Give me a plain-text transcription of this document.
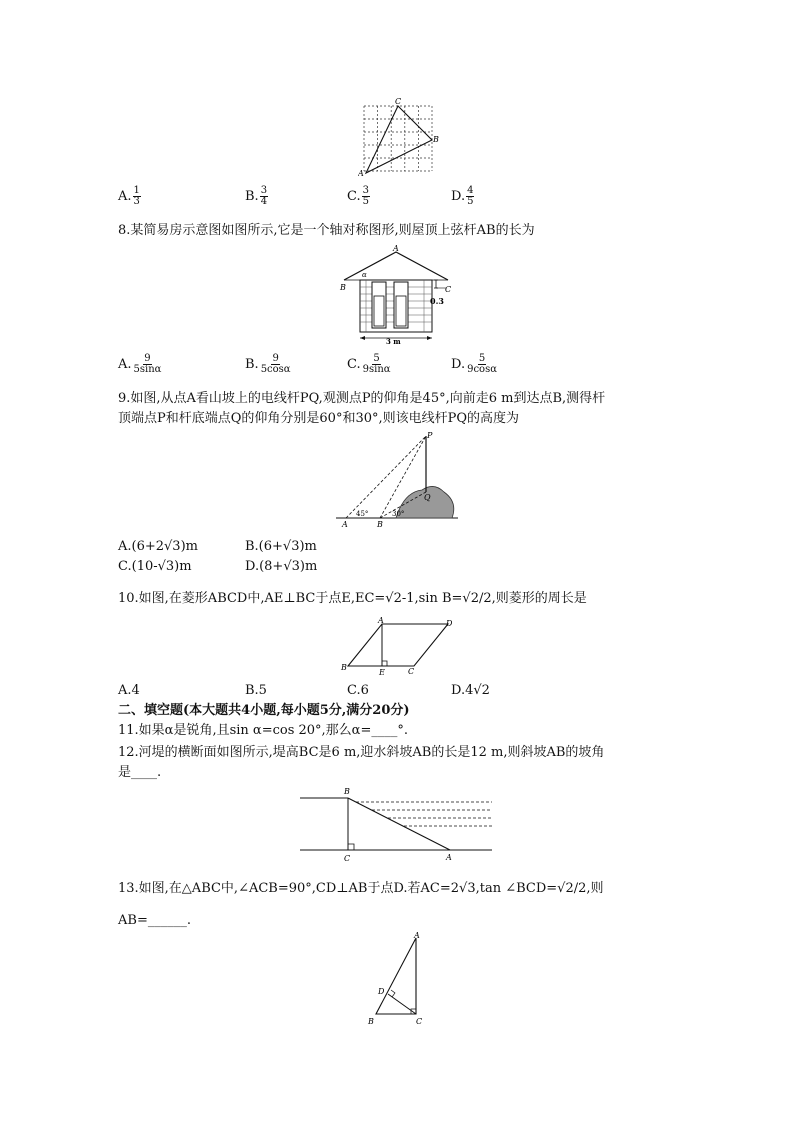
C
B
A
A. $\frac{1}{3}$	B. $\frac{3}{4}$	C. $\frac{3}{5}$	D. $\frac{4}{5}$
8.某简易房示意图如图所示,它是一个轴对称图形,则屋顶上弦杆AB的长为
A
B	C
α
0.3
3 m
A. $\frac{9}{5\sin\alpha}$	B. $\frac{9}{5\cos\alpha}$	C. $\frac{5}{9\sin\alpha}$	D. $\frac{5}{9\cos\alpha}$
9.如图,从点A看山坡上的电线杆PQ,观测点P的仰角是45°,向前走6 m到达点B,测得杆
顶端点P和杆底端点Q的仰角分别是60°和30°,则该电线杆PQ的高度为
P
Q
A	B
45°	30°
A.(6+2√3)m	B.(6+√3)m
C.(10-√3)m	D.(8+√3)m
10.如图,在菱形ABCD中,AE⊥BC于点E,EC=√2-1,sin B=√2/2,则菱形的周长是
A	D
B
E	C
A.4	B.5	C.6	D.4√2
二、填空题(本大题共4小题,每小题5分,满分20分)
11.如果α是锐角,且sin α=cos 20°,那么α=____°.
12.河堤的横断面如图所示,堤高BC是6 m,迎水斜坡AB的长是12 m,则斜坡AB的坡角
是____.
B
C	A
13.如图,在△ABC中,∠ACB=90°,CD⊥AB于点D.若AC=2√3,tan ∠BCD=√2/2,则
AB=______.
A
D
B	C
